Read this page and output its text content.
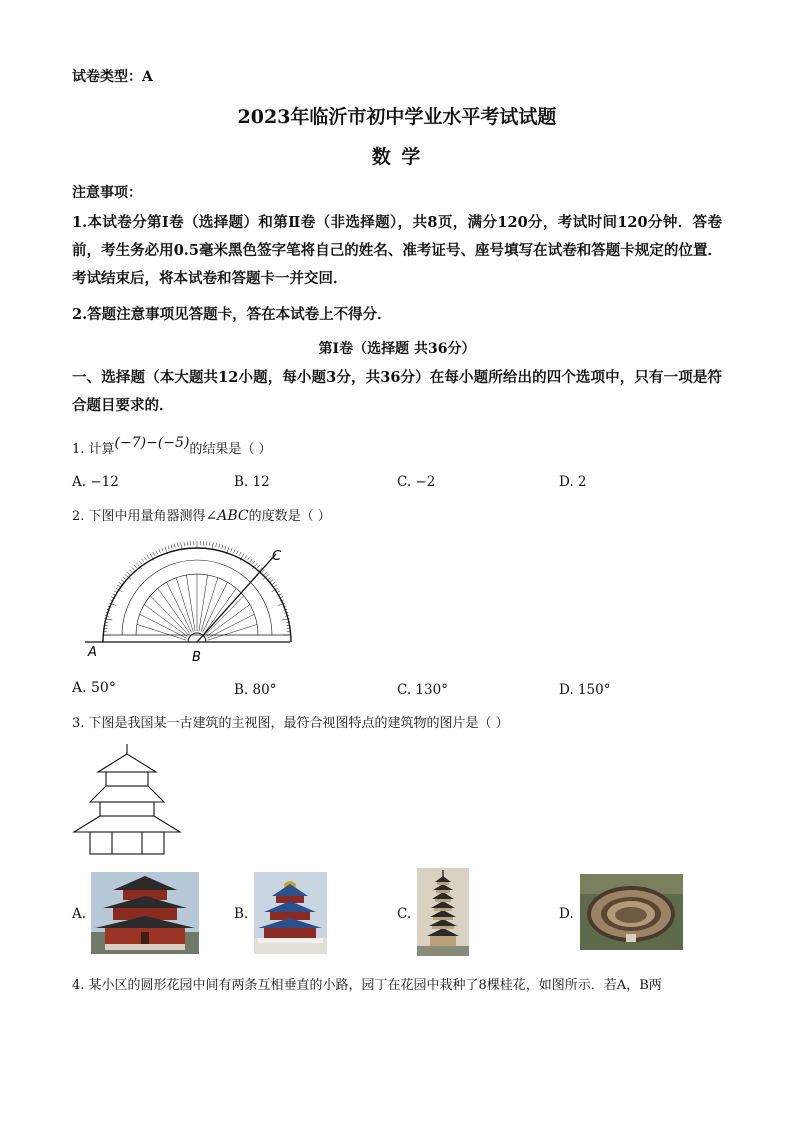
试卷类型：A
2023年临沂市初中学业水平考试试题
数 学
注意事项：
1.本试卷分第Ⅰ卷（选择题）和第Ⅱ卷（非选择题），共8页，满分120分，考试时间120分钟．答卷前，考生务必用0.5毫米黑色签字笔将自己的姓名、准考证号、座号填写在试卷和答题卡规定的位置．考试结束后，将本试卷和答题卡一并交回．
2.答题注意事项见答题卡，答在本试卷上不得分．
第Ⅰ卷（选择题 共36分）
一、选择题（本大题共12小题，每小题3分，共36分）在每小题所给出的四个选项中，只有一项是符合题目要求的．
1. 计算(−7)−(−5)的结果是（ ）
A. −12	B. 12	C. −2	D. 2
2. 下图中用量角器测得∠ABC的度数是（ ）
C
A	B
A. 50°	B. 80°	C. 130°	D. 150°
3. 下图是我国某一古建筑的主视图，最符合视图特点的建筑物的图片是（ ）
A.	B.	C.	D.
4. 某小区的圆形花园中间有两条互相垂直的小路，园丁在花园中栽种了8棵桂花，如图所示．若A，B两
